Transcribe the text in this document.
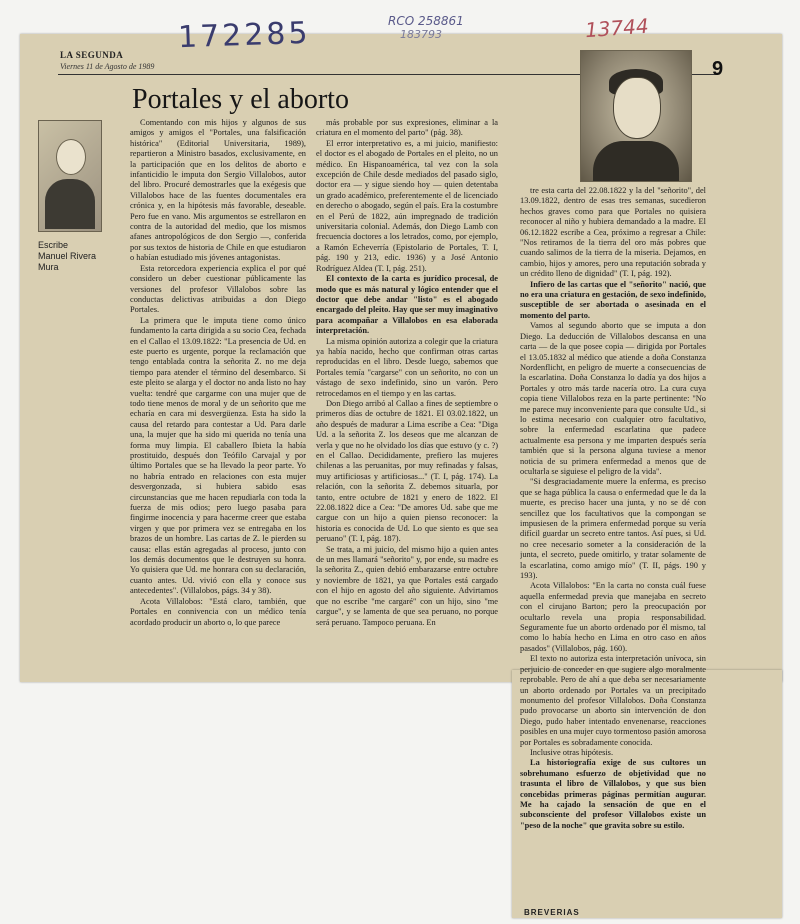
172285	RCO 258861
183793	13744
LA SEGUNDA
Viernes 11 de Agosto de 1989	9
Portales y el aborto
Escribe
Manuel Rivera Mura

Comentando con mis hijos y algunos de sus amigos y amigos el "Portales, una falsificación histórica" (Editorial Universitaria, 1989), repartieron a Ministro basados, exclusivamente, en la participación que en los delitos de aborto e infanticidio le imputa don Sergio Villalobos, autor del libro. Procuré demostrarles que la exégesis que Villalobos hace de las fuentes documentales era crónica y, en la hipótesis más favorable, deseable. Pero fue en vano. Mis argumentos se estrellaron en contra de la autoridad del medio, que los mismos afanes antropológicos de don Sergio —, conferida por sus textos de historia de Chile en que estudiaron o habían estudiado mis jóvenes antagonistas.

Esta retorcedora experiencia explica el por qué considero un deber cuestionar públicamente las versiones del profesor Villalobos sobre las conductas delictivas atribuidas a don Diego Portales.

La primera que le imputa tiene como único fundamento la carta dirigida a su socio Cea, fechada en el Callao el 13.09.1822: "La presencia de Ud. en este puerto es urgente, porque la reclamación que tengo entablada contra la señorita Z. no me deja tiempo para atender el término del desembarco. Si este pleito se alarga y el doctor no anda listo no hay vuelta: tendré que cargarme con una mujer que de todo tiene menos de moral y de un señorito que me echaría en cara mi desvergüenza. Esta ha sido la causa del retardo para contestar a Ud. Para darle una, la mujer que ha sido mi querida no tenía una forma muy limpia. El caballero Ibieta la había prostituido, después don Teófilo Carvajal y por último Portales que se ha llevado la peor parte. Yo no habría entrado en relaciones con esta mujer desvergonzada, si hubiera sabido esas circunstancias que me hacen repudiarla con toda la fuerza de mis odios; pero luego pasaba para fingirme inocencia y para hacerme creer que estaba virgen y que por primera vez se entregaba en los brazos de un hombre. Las cartas de Z. le pierden su causa: ellas están agregadas al proceso, junto con los demás documentos que le destruyen su honra. Yo quisiera que Ud. me honrara con su declaración, cuanto antes. Ud. vivió con ella y conoce sus antecedentes". (Villalobos, págs. 34 y 38).

Acota Villalobos: "Está claro, también, que Portales en connivencia con un médico tenía acordado producir un aborto o, lo que parece

más probable por sus expresiones, eliminar a la criatura en el momento del parto" (pág. 38).

El error interpretativo es, a mi juicio, manifiesto: el doctor es el abogado de Portales en el pleito, no un médico. En Hispanoamérica, tal vez con la sola excepción de Chile desde mediados del pasado siglo, doctor era — y sigue siendo hoy — quien detentaba un grado académico, preferentemente el de licenciado en derecho o abogado, según el país. Era la costumbre en el Perú de 1822, aún impregnado de tradición universitaria colonial. Además, don Diego Lamb con frecuencia doctores a los letrados, como, por ejemplo, a Ramón Echeverría (Epistolario de Portales, T. I, pág. 190 y 213, edic. 1936) y a José Antonio Rodríguez Aldea (T. I, pág. 251).

El contexto de la carta es jurídico procesal, de modo que es más natural y lógico entender que el doctor que debe andar "listo" es el abogado encargado del pleito. Hay que ser muy imaginativo para acompañar a Villalobos en esa elaborada interpretación.

La misma opinión autoriza a colegir que la criatura ya había nacido, hecho que confirman otras cartas reproducidas en el libro. Desde luego, sabemos que Portales temía "cargarse" con un señorito, no con un vástago de sexo indefinido, sino un varón. Pero retrocedamos en el tiempo y en las cartas.

Don Diego arribó al Callao a fines de septiembre o primeros días de octubre de 1821. El 03.02.1822, un año después de madurar a Lima escribe a Cea: "Diga Ud. a la señorita Z. los deseos que me alcanzan de verla y que no he olvidado los días que estuvo (y c. ?) en el Callao. Decididamente, prefiero las mujeres chilenas a las peruanitas, por muy refinadas y falsas, muy artificiosas y artificiosas..." (T. I, pág. 174). La relación, con la señorita Z. debemos situarla, por tanto, entre octubre de 1821 y enero de 1822. El 22.08.1822 dice a Cea: "De amores Ud. sabe que me cargue con un hijo a quien pienso reconocer: la historia es conocida de Ud. Lo que siento es que sea peruano" (T. I, pág. 187).

Se trata, a mi juicio, del mismo hijo a quien antes de un mes llamará "señorito" y, por ende, su madre es la señorita Z., quien debió embarazarse entre octubre y noviembre de 1821, ya que Portales está cargado con el hijo en agosto del año siguiente. Advirtamos que no escribe "me cargaré" con un hijo, sino "me cargue", y se lamenta de que sea peruano, no porque será peruano. Tampoco peruana. En

tre esta carta del 22.08.1822 y la del "señorito", del 13.09.1822, dentro de esas tres semanas, sucedieron hechos graves como para que Portales no quisiera reconocer al niño y hubiera demandado a la madre. El 06.12.1822 escribe a Cea, próximo a regresar a Chile: "Nos retiramos de la tierra del oro más pobres que cuando salimos de la tierra de la miseria. Dejamos, en cambio, hijos y amores, pero una reputación sobrada y un crédito lleno de dignidad" (T. I, pág. 192).

Infiero de las cartas que el "señorito" nació, que no era una criatura en gestación, de sexo indefinido, susceptible de ser abortada o asesinada en el momento del parto.

Vamos al segundo aborto que se imputa a don Diego. La deducción de Villalobos descansa en una carta — de la que posee copia — dirigida por Portales el 13.05.1832 al médico que atiende a doña Constanza Nordenflicht, en peligro de muerte a consecuencias de la escarlatina. Doña Constanza lo dadía ya dos hijos a Portales y otro más tarde nacería otro. La cura cuya copia tiene Villalobos reza en la parte pertinente: "No me parece muy inconveniente para que consulte Ud., si lo estima necesario con cualquier otro facultativo, sobre la enfermedad escarlatina que padece actualmente esa persona y me imparten después sería también que si la persona alguna tuviese a menor noticia de su primera enfermedad a menos que de ocultarla se siguiese el peligro de la vida".

"Si desgraciadamente muere la enferma, es preciso que se haga pública la causa o enfermedad que le da la muerte, es preciso hacer una junta, y no se dé con sencillez que los facultativos que la compongan se impusiesen de la primera enfermedad porque su vería difícil guardar un secreto entre tantos. Así pues, si Ud. no cree necesario someter a la consideración de la junta, el secreto, puede omitirlo, y tratar solamente de la escarlatina, como amigo mío" (T. II, págs. 190 y 193).

Acota Villalobos: "En la carta no consta cuál fuese aquella enfermedad previa que manejaba en secreto con el cirujano Barton; pero la preocupación por ocultarlo revela una propia responsabilidad. Seguramente fue un aborto ordenado por él mismo, tal como lo había hecho en Lima en otro caso en años pasados" (Villalobos, pág. 160).

El texto no autoriza esta interpretación unívoca, sin perjuicio de conceder en que sugiere algo moralmente reprobable. Pero de ahí a que deba ser necesariamente un aborto ordenado por Portales va un precipitado monumento del profesor Villalobos. Doña Constanza pudo provocarse un aborto sin intervención de don Diego, pudo haber intentado envenenarse, reacciones posibles en una mujer cuyo tormentoso pasión amorosa por Portales es sobradamente conocida.

Inclusive otras hipótesis.

La historiografía exige de sus cultores un sobrehumano esfuerzo de objetividad que no trasunta el libro de Villalobos, y que sus bien concebidas primeras páginas permitían augurar. Me ha cajado la sensación de que en el subconsciente del profesor Villalobos existe un "peso de la noche" que gravita sobre su estilo.

BREVERIAS
